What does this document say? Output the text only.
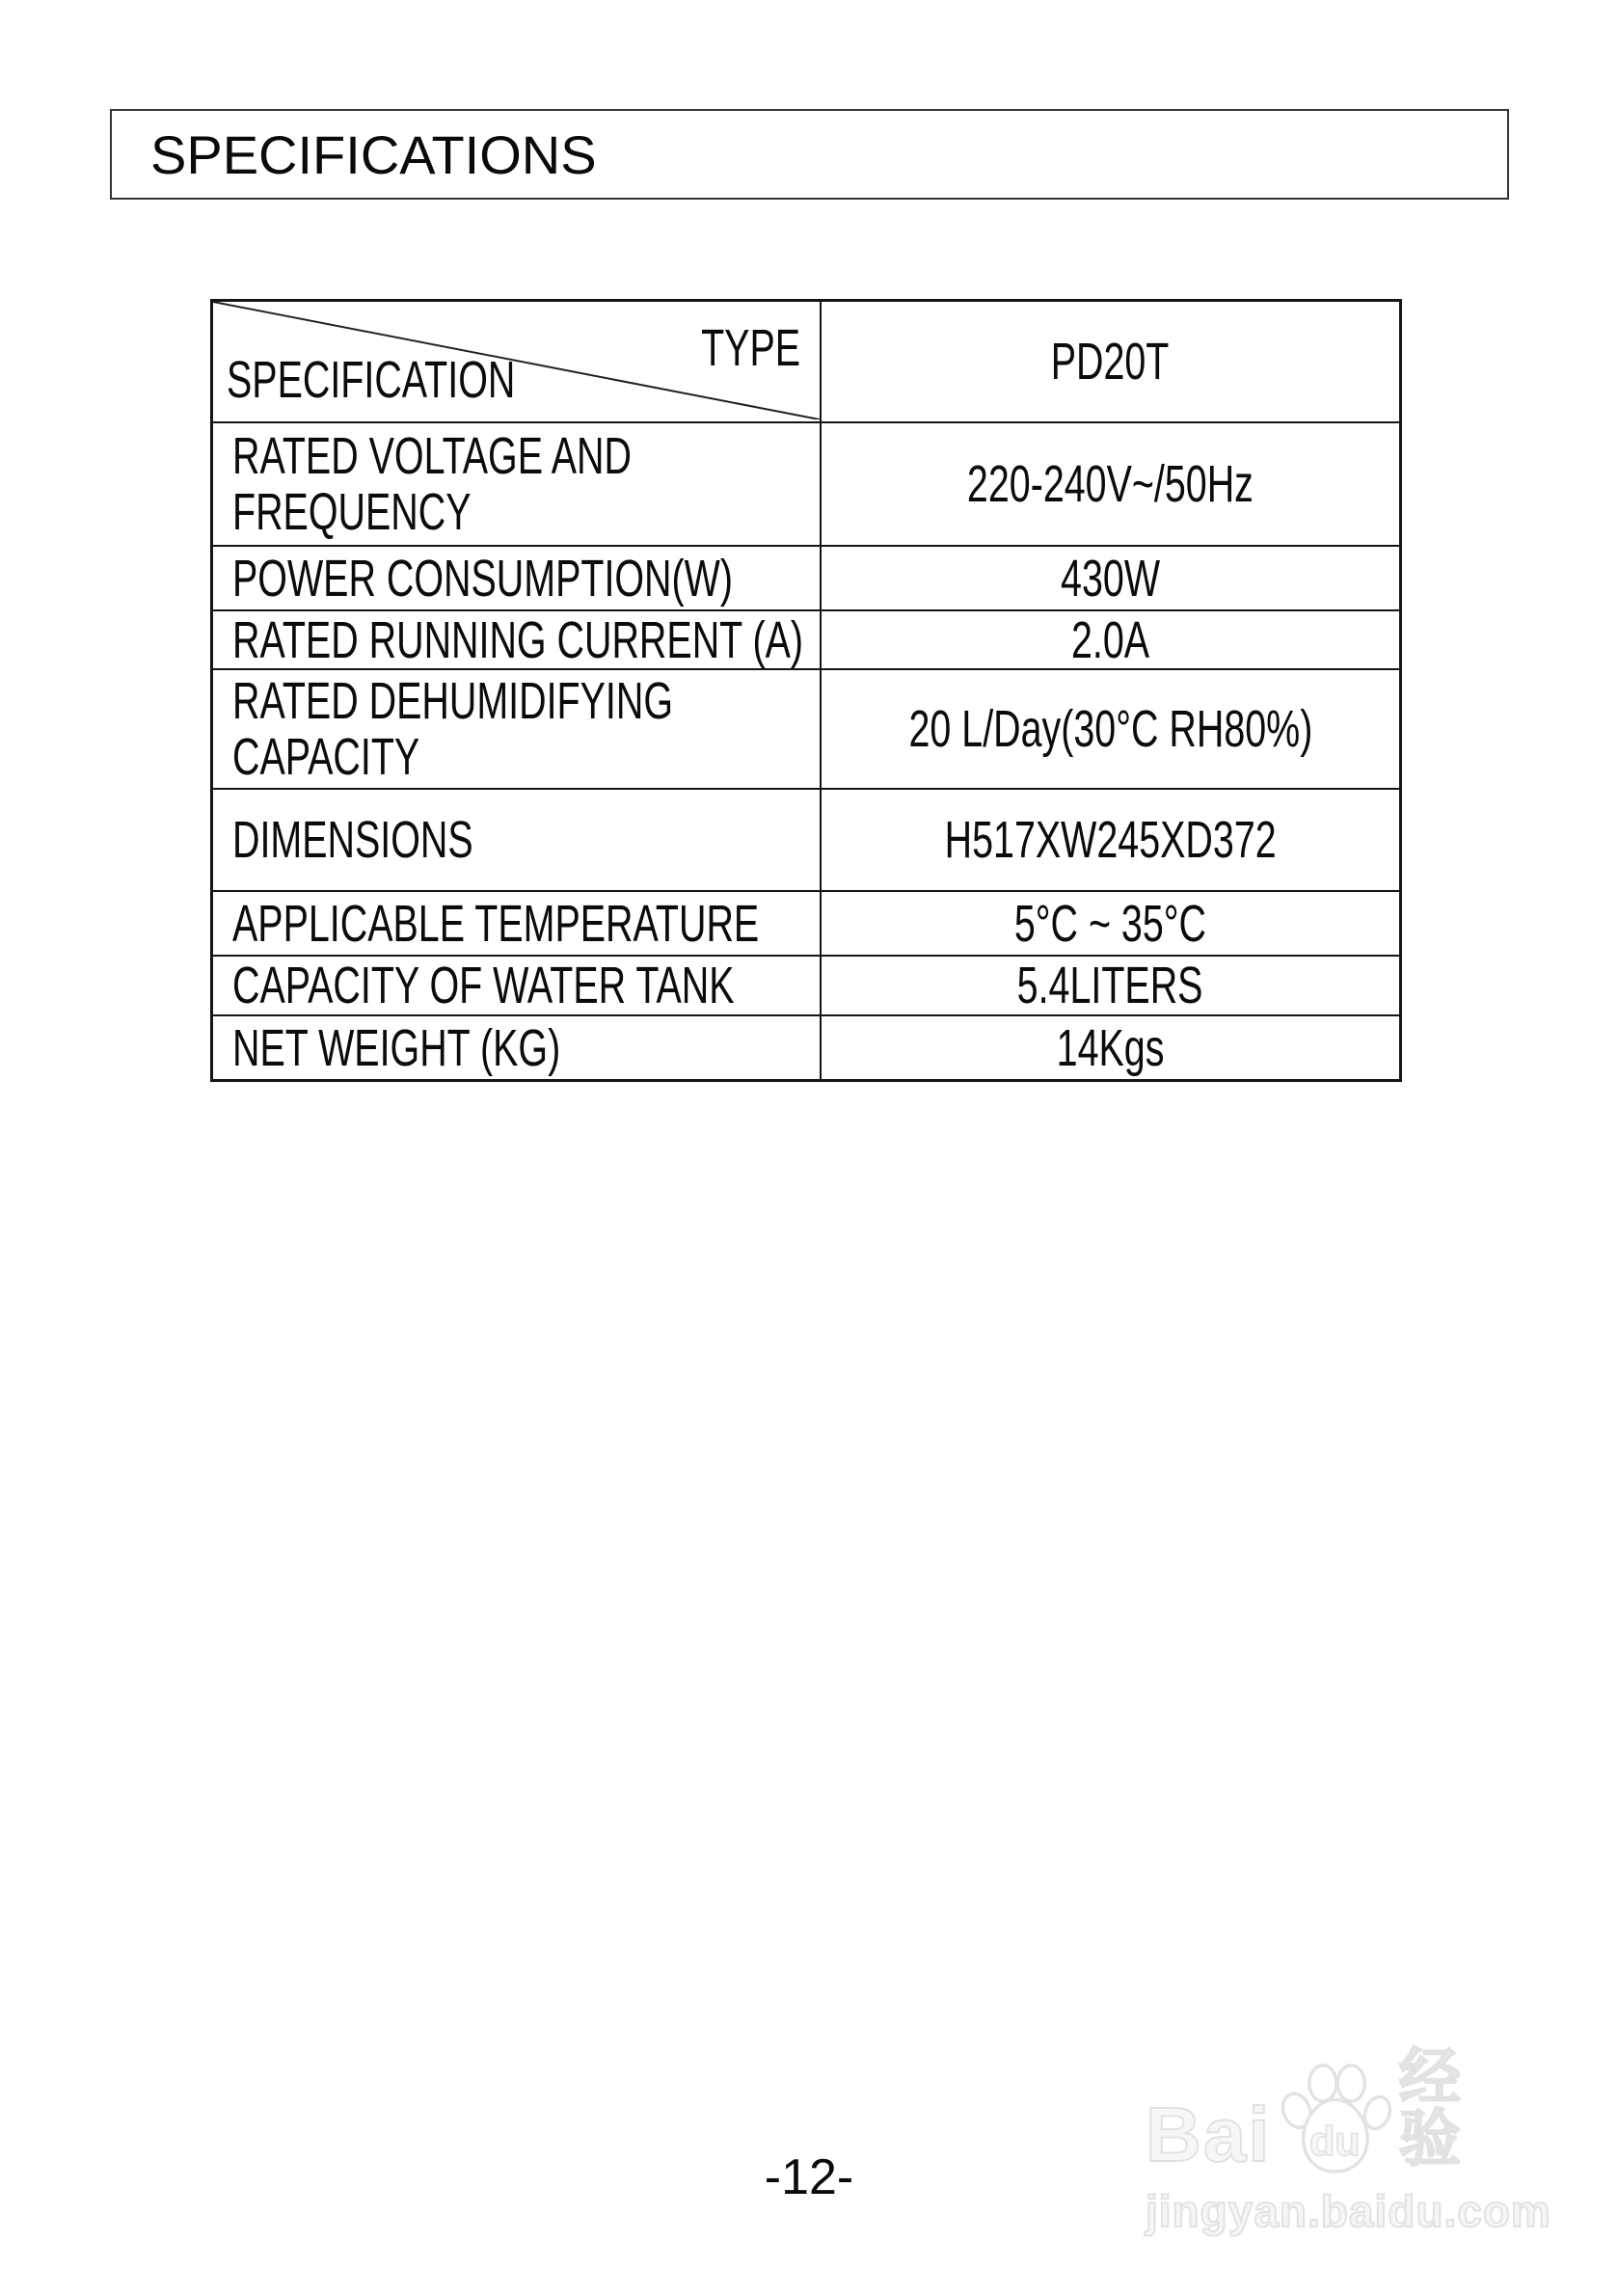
SPECIFICATIONS
TYPE
SPECIFICATION	PD20T
RATED VOLTAGE AND
FREQUENCY	220-240V~/50Hz
POWER CONSUMPTION(W)	430W
RATED RUNNING CURRENT (A)	2.0A
RATED DEHUMIDIFYING
CAPACITY	20 L/Day(30°C RH80%)
DIMENSIONS	H517XW245XD372
APPLICABLE TEMPERATURE	5°C ~ 35°C
CAPACITY OF WATER TANK	5.4LITERS
NET WEIGHT (KG)	14Kgs
-12-	Bai du
经验
jingyan.baidu.com
